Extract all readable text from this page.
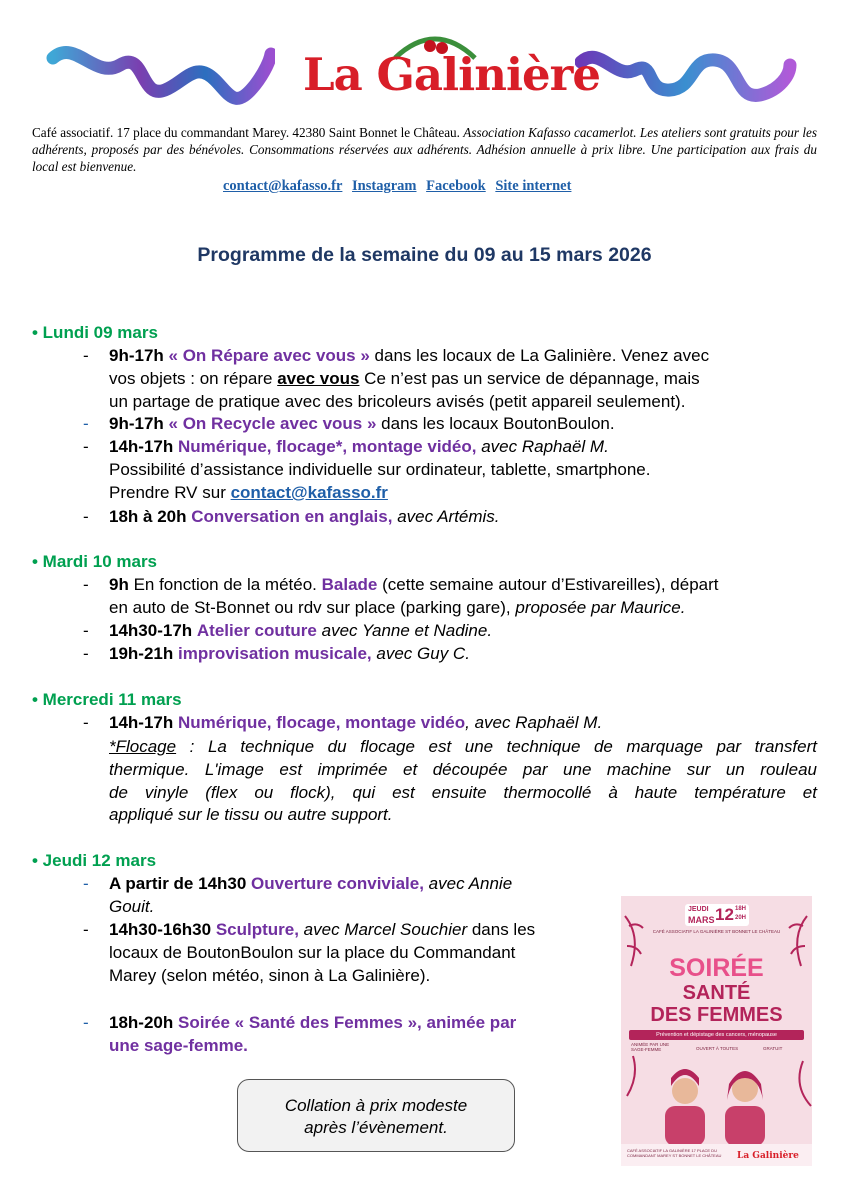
La Galinière
Café associatif. 17 place du commandant Marey. 42380 Saint Bonnet le Château. Association Kafasso cacamerlot. Les ateliers sont gratuits pour les adhérents, proposés par des bénévoles. Consommations réservées aux adhérents. Adhésion annuelle à prix libre. Une participation aux frais du local est bienvenue.
contact@kafasso.fr Instagram Facebook Site internet
Programme de la semaine du 09 au 15 mars 2026
• Lundi 09 mars
- 9h-17h « On Répare avec vous » dans les locaux de La Galinière. Venez avec
vos objets : on répare avec vous Ce n’est pas un service de dépannage, mais
un partage de pratique avec des bricoleurs avisés (petit appareil seulement).
- 9h-17h « On Recycle avec vous » dans les locaux BoutonBoulon.
- 14h-17h Numérique, flocage*, montage vidéo, avec Raphaël M.
Possibilité d’assistance individuelle sur ordinateur, tablette, smartphone.
Prendre RV sur contact@kafasso.fr
- 18h à 20h Conversation en anglais, avec Artémis.
• Mardi 10 mars
- 9h En fonction de la météo. Balade (cette semaine autour d’Estivareilles), départ
en auto de St-Bonnet ou rdv sur place (parking gare), proposée par Maurice.
- 14h30-17h Atelier couture avec Yanne et Nadine.
- 19h-21h improvisation musicale, avec Guy C.
• Mercredi 11 mars
- 14h-17h Numérique, flocage, montage vidéo, avec Raphaël M.
*Flocage : La technique du flocage est une technique de marquage par transfert
thermique. L'image est imprimée et découpée par une machine sur un rouleau
de vinyle (flex ou flock), qui est ensuite thermocollé à haute température et
appliqué sur le tissu ou autre support.
• Jeudi 12 mars
- A partir de 14h30 Ouverture conviviale, avec Annie
Gouit.
- 14h30-16h30 Sculpture, avec Marcel Souchier dans les
locaux de BoutonBoulon sur la place du Commandant
Marey (selon météo, sinon à La Galinière).
- 18h-20h Soirée « Santé des Femmes », animée par
une sage-femme.
Collation à prix modeste
après l’évènement.
JEUDI
MARS 12 18H
20H
CAFÉ ASSOCIATIF LA GALINIÈRE ST BONNET LE CHÂTEAU
SOIRÉE
SANTÉ
DES FEMMES
Prévention et dépistage des cancers, ménopause
ANIMÉE PAR UNE SAGE-FEMME	OUVERT À TOUTES	GRATUIT
CAFÉ ASSOCIATIF LA GALINIÈRE 17 PLACE DU COMMANDANT MAREY ST BONNET LE CHÂTEAU	La Galinière
